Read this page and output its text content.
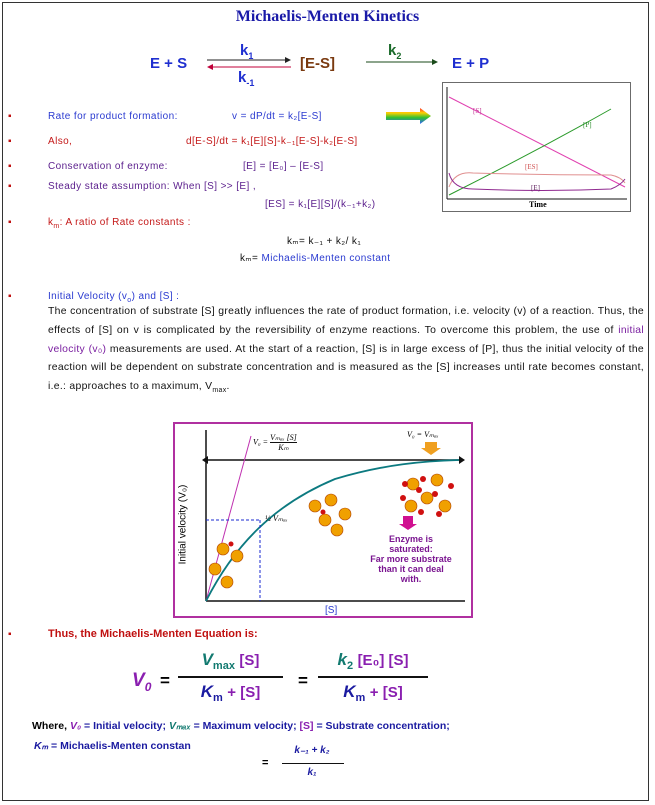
Michaelis-Menten Kinetics
E + S
$k_1$
$k_{-1}$
[E-S]
$k_2$	E + P
▪	Rate for product formation:	v = dP/dt = k₂[E-S]
▪	Also,	d[E-S]/dt = k₁[E][S]-k₋₁[E-S]-k₂[E-S]
▪	Conservation of enzyme:	[E] = [E₀] – [E-S]
▪	Steady state assumption: When [S] >> [E] ,
[ES] = k₁[E][S]/(k₋₁+k₂)
▪	$k_m$: A ratio of Rate constants :
kₘ= k₋₁ + k₂/ k₁
kₘ= Michaelis-Menten constant
[S]
[P]
[ES]
[E]
Time
▪	Initial Velocity $(v_o)$ and [S] :
The concentration of substrate [S] greatly influences the rate of product formation, i.e. velocity (v) of a reaction. Thus, the effects of [S] on v is complicated by the reversibility of enzyme reactions. To overcome this problem, the use of initial velocity (v₀) measurements are used. At the start of a reaction, [S] is in large excess of [P], thus the initial velocity of the reaction will be dependent on substrate concentration and is measured as the [S] increases until rate becomes constant, i.e.: approaches to a maximum, $V_{max}$.
Initial velocity (V₀)
[S]
V₀ = Vₘₐₓ [S]
Kₘ
V₀ = Vₘₐₓ
½ Vₘₐₓ
Enzyme is
saturated:
Far more substrate
than it can deal
with.
▪	Thus, the Michaelis-Menten Equation is:
$V_0$ =
$V_{max}$ [S]
$K_m + [S]$
=
$k_2$ [E₀] [S]
$K_m + [S]$
Where, V₀ = Initial velocity; Vₘₐₓ = Maximum velocity; [S] = Substrate concentration;
Kₘ = Michaelis-Menten constan
=
k₋₁ + k₂
k₁
